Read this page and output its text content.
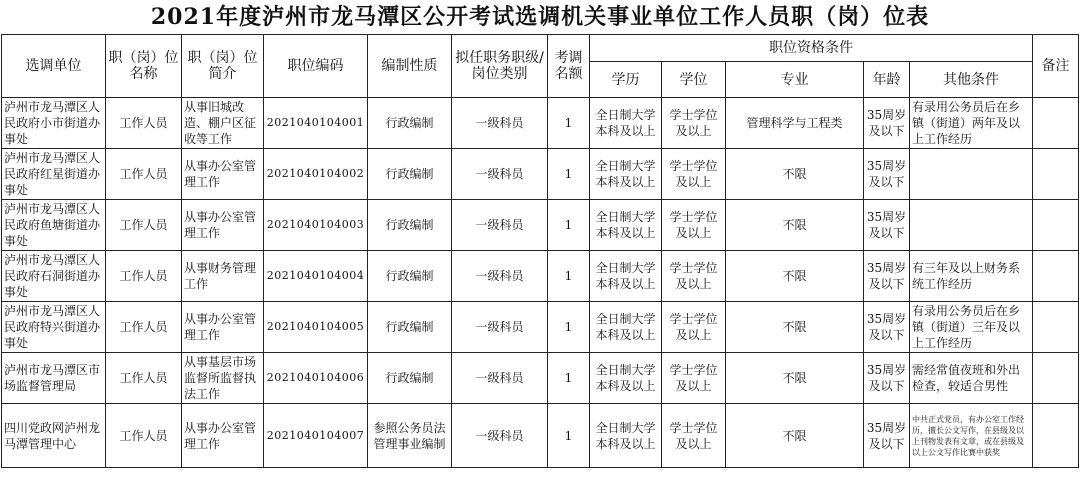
2021年度泸州市龙马潭区公开考试选调机关事业单位工作人员职（岗）位表
选调单位	职（岗）位名称	职（岗）位简介	职位编码	编制性质	拟任职务职级/岗位类别	考调名额	职位资格条件					备注
							学历	学位	专业	年龄	其他条件	
泸州市龙马潭区人民政府小市街道办事处	工作人员	从事旧城改造、棚户区征收等工作	2021040104001	行政编制	一级科员	1	全日制大学本科及以上	学士学位及以上	管理科学与工程类	35周岁及以下	有录用公务员后在乡镇（街道）两年及以上工作经历	
泸州市龙马潭区人民政府红星街道办事处	工作人员	从事办公室管理工作	2021040104002	行政编制	一级科员	1	全日制大学本科及以上	学士学位及以上	不限	35周岁及以下		
泸州市龙马潭区人民政府鱼塘街道办事处	工作人员	从事办公室管理工作	2021040104003	行政编制	一级科员	1	全日制大学本科及以上	学士学位及以上	不限	35周岁及以下		
泸州市龙马潭区人民政府石洞街道办事处	工作人员	从事财务管理工作	2021040104004	行政编制	一级科员	1	全日制大学本科及以上	学士学位及以上	不限	35周岁及以下	有三年及以上财务系统工作经历	
泸州市龙马潭区人民政府特兴街道办事处	工作人员	从事办公室管理工作	2021040104005	行政编制	一级科员	1	全日制大学本科及以上	学士学位及以上	不限	35周岁及以下	有录用公务员后在乡镇（街道）三年及以上工作经历	
泸州市龙马潭区市场监督管理局	工作人员	从事基层市场监督所监督执法工作	2021040104006	行政编制	一级科员	1	全日制大学本科及以上	学士学位及以上	不限	35周岁及以下	需经常值夜班和外出检查，较适合男性	
四川党政网泸州龙马潭管理中心	工作人员	从事办公室管理工作	2021040104007	参照公务员法管理事业编制	一级科员	1	全日制大学本科及以上	学士学位及以上	不限	35周岁及以下	中共正式党员，有办公室工作经历，擅长公文写作，在县级及以上刊物发表有文章，或在县级及以上公文写作比赛中获奖	
